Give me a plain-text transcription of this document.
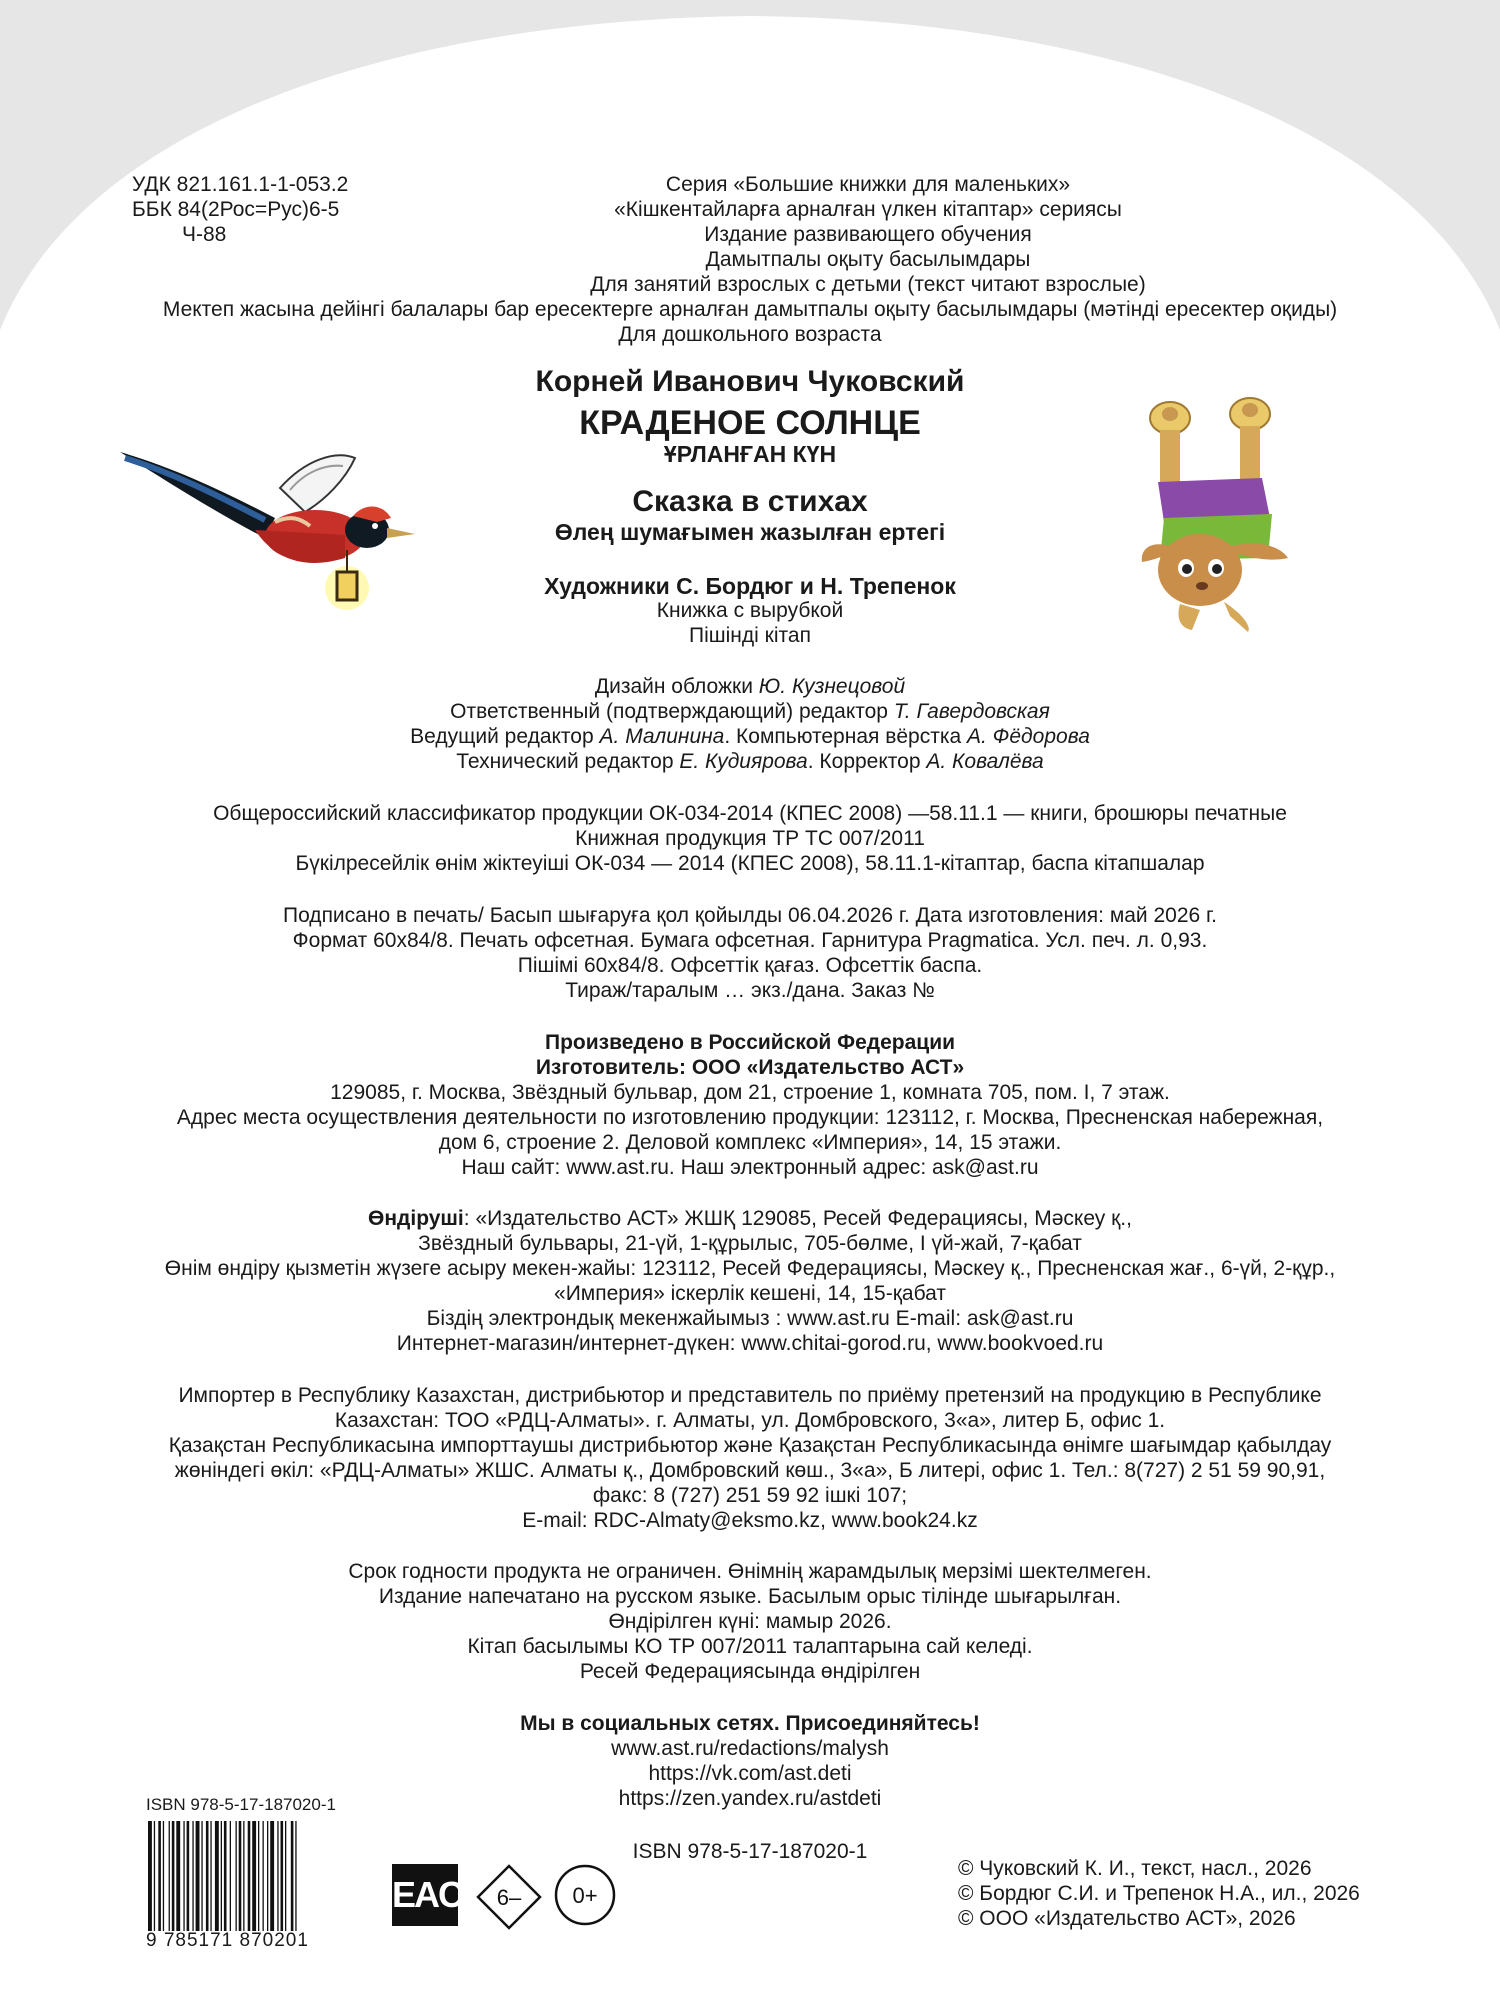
УДК 821.161.1-1-053.2
ББК 84(2Рос=Рус)6-5
Ч-88
Серия «Большие книжки для маленьких»
«Кішкентайларға арналған үлкен кітаптар» сериясы
Издание развивающего обучения
Дамытпалы оқыту басылымдары
Для занятий взрослых с детьми (текст читают взрослые)
Мектеп жасына дейінгі балалары бар ересектерге арналған дамытпалы оқыту басылымдары (мәтінді ересектер оқиды)
Для дошкольного возраста
Корней Иванович Чуковский
КРАДЕНОЕ СОЛНЦЕ
ҰРЛАНҒАН КҮН
Сказка в стихах
Өлең шумағымен жазылған ертегі
Художники С. Бордюг и Н. Трепенок
Книжка с вырубкой
Пішінді кітап
Дизайн обложки Ю. Кузнецовой
Ответственный (подтверждающий) редактор Т. Гавердовская
Ведущий редактор А. Малинина. Компьютерная вёрстка А. Фёдорова
Технический редактор Е. Кудиярова. Корректор А. Ковалёва
Общероссийский классификатор продукции ОК-034-2014 (КПЕС 2008) —58.11.1 — книги, брошюры печатные
Книжная продукция ТР ТС 007/2011
Бүкілресейлік өнім жіктеуіші ОК-034 — 2014 (КПЕС 2008), 58.11.1-кітаптар, баспа кітапшалар
Подписано в печать/ Басып шығаруға қол қойылды 06.04.2026 г. Дата изготовления: май 2026 г.
Формат 60x84/8. Печать офсетная. Бумага офсетная. Гарнитура Pragmatica. Усл. печ. л. 0,93.
Пішімі 60x84/8. Офсеттік қағаз. Офсеттік баспа.
Тираж/таралым … экз./дана. Заказ №
Произведено в Российской Федерации
Изготовитель: ООО «Издательство АСТ»
129085, г. Москва, Звёздный бульвар, дом 21, строение 1, комната 705, пом. I, 7 этаж.
Адрес места осуществления деятельности по изготовлению продукции: 123112, г. Москва, Пресненская набережная,
дом 6, строение 2. Деловой комплекс «Империя», 14, 15 этажи.
Наш сайт: www.ast.ru. Наш электронный адрес: ask@ast.ru
Өндіруші: «Издательство АСТ» ЖШҚ 129085, Ресей Федерациясы, Мәскеу қ.,
Звёздный бульвары, 21-үй, 1-құрылыс, 705-бөлме, I үй-жай, 7-қабат
Өнім өндіру қызметін жүзеге асыру мекен-жайы: 123112, Ресей Федерациясы, Мәскеу қ., Пресненская жағ., 6-үй, 2-құр.,
«Империя» іскерлік кешені, 14, 15-қабат
Біздің электрондық мекенжайымыз : www.ast.ru E-mail: ask@ast.ru
Интернет-магазин/интернет-дүкен: www.chitai-gorod.ru, www.bookvoed.ru
Импортер в Республику Казахстан, дистрибьютор и представитель по приёму претензий на продукцию в Республике
Казахстан: ТОО «РДЦ-Алматы». г. Алматы, ул. Домбровского, 3«а», литер Б, офис 1.
Қазақстан Республикасына импорттаушы дистрибьютор және Қазақстан Республикасында өнімге шағымдар қабылдау
жөніндегі өкіл: «РДЦ-Алматы» ЖШС. Алматы қ., Домбровский көш., 3«а», Б литері, офис 1. Тел.: 8(727) 2 51 59 90,91,
факс: 8 (727) 251 59 92 ішкі 107;
E-mail: RDC-Almaty@eksmo.kz, www.book24.kz
Срок годности продукта не ограничен. Өнімнің жарамдылық мерзімі шектелмеген.
Издание напечатано на русском языке. Басылым орыс тілінде шығарылған.
Өндірілген күні: мамыр 2026.
Кітап басылымы КО ТР 007/2011 талаптарына сай келеді.
Ресей Федерациясында өндірілген
Мы в социальных сетях. Присоединяйтесь!
www.ast.ru/redactions/malysh
https://vk.com/ast.deti
https://zen.yandex.ru/astdeti
ISBN 978-5-17-187020-1
ISBN 978-5-17-187020-1
9 785171 870201
EAC 6– 0+
© Чуковский К. И., текст, насл., 2026
© Бордюг С.И. и Трепенок Н.А., ил., 2026
© ООО «Издательство АСТ», 2026
